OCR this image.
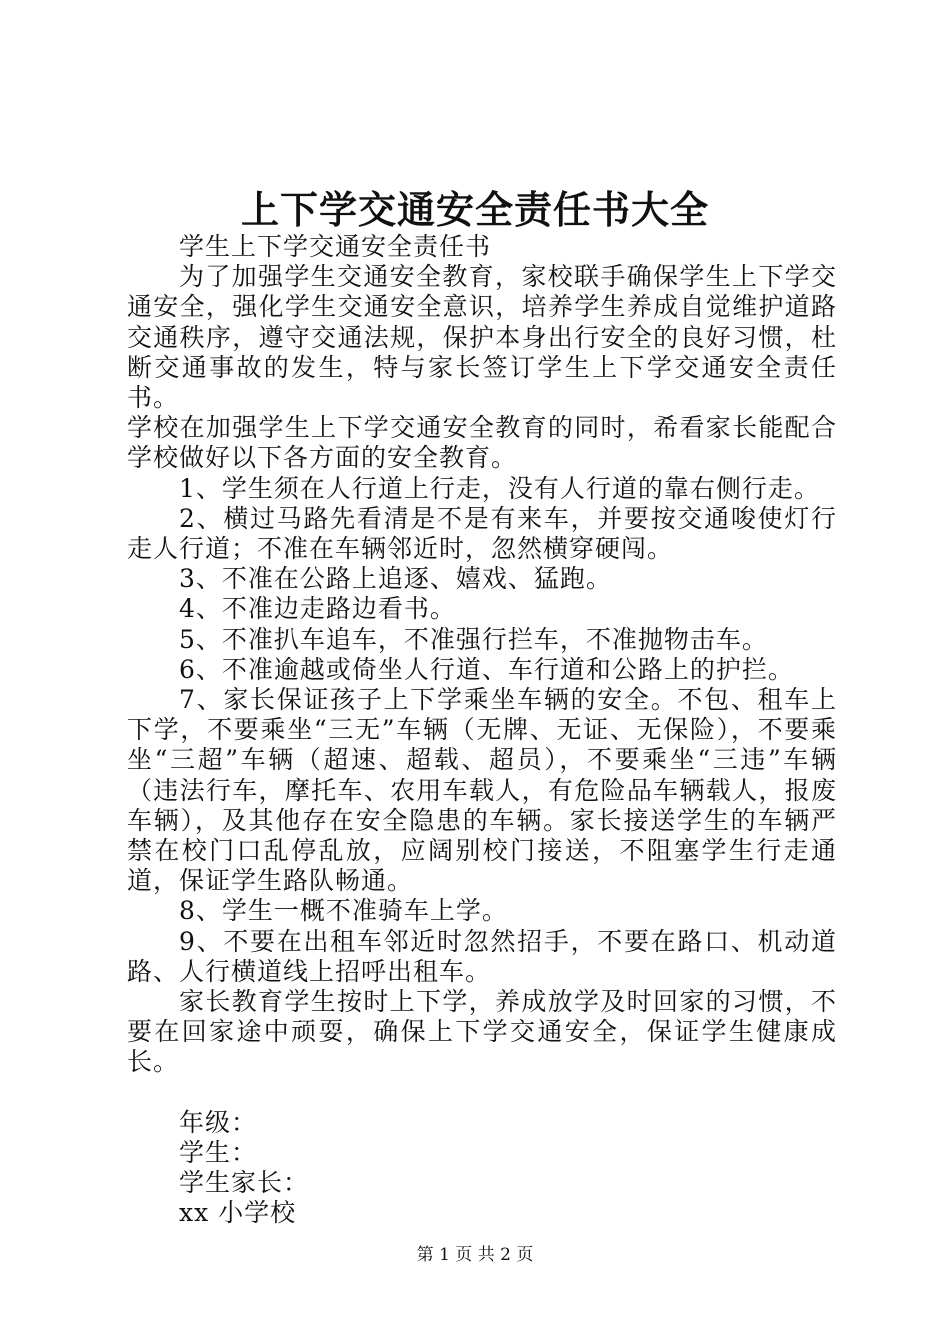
上下学交通安全责任书大全

学生上下学交通安全责任书

为了加强学生交通安全教育，家校联手确保学生上下学交通安全，强化学生交通安全意识，培养学生养成自觉维护道路交通秩序，遵守交通法规，保护本身出行安全的良好习惯，杜断交通事故的发生，特与家长签订学生上下学交通安全责任书。

学校在加强学生上下学交通安全教育的同时，希看家长能配合学校做好以下各方面的安全教育。

1、学生须在人行道上行走，没有人行道的靠右侧行走。

2、横过马路先看清是不是有来车，并要按交通唆使灯行走人行道；不准在车辆邻近时，忽然横穿硬闯。

3、不准在公路上追逐、嬉戏、猛跑。

4、不准边走路边看书。

5、不准扒车追车，不准强行拦车，不准抛物击车。

6、不准逾越或倚坐人行道、车行道和公路上的护拦。

7、家长保证孩子上下学乘坐车辆的安全。不包、租车上下学，不要乘坐“三无”车辆（无牌、无证、无保险），不要乘坐“三超”车辆（超速、超载、超员），不要乘坐“三违”车辆（违法行车，摩托车、农用车载人，有危险品车辆载人，报废车辆），及其他存在安全隐患的车辆。家长接送学生的车辆严禁在校门口乱停乱放，应阔别校门接送，不阻塞学生行走通道，保证学生路队畅通。

8、学生一概不准骑车上学。

9、不要在出租车邻近时忽然招手，不要在路口、机动道路、人行横道线上招呼出租车。

家长教育学生按时上下学，养成放学及时回家的习惯，不要在回家途中顽耍，确保上下学交通安全，保证学生健康成长。

年级：

学生：

学生家长：

xx 小学校

第 1 页 共 2 页
